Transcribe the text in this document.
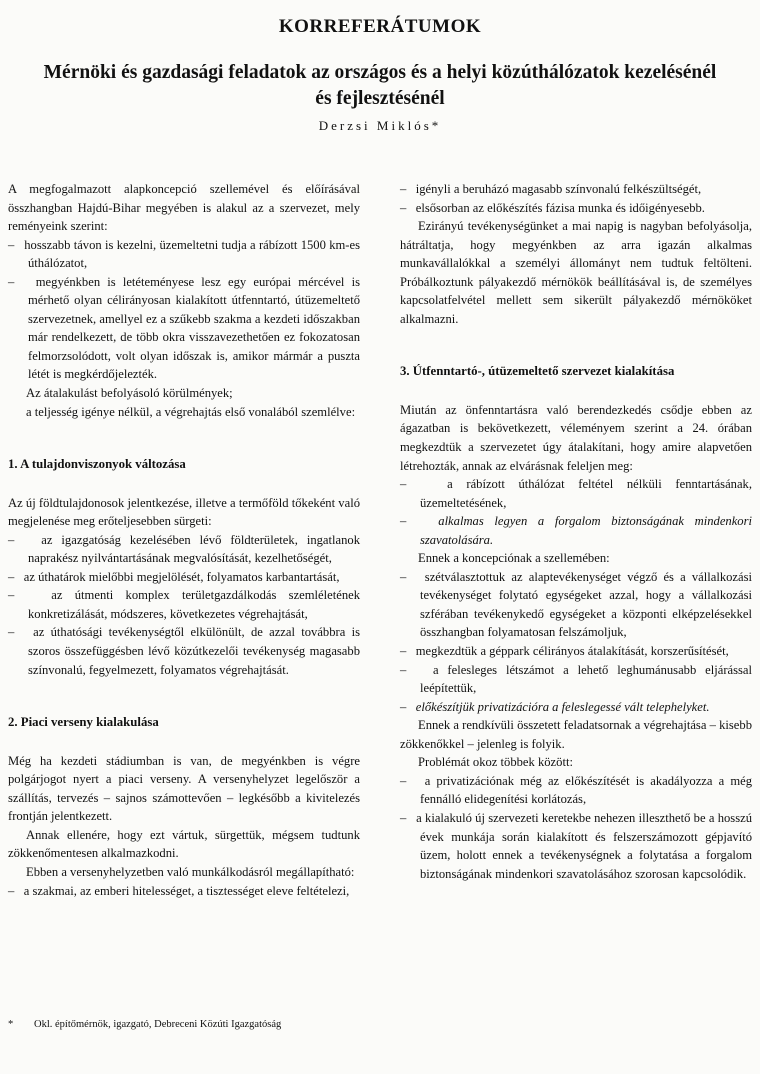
KORREFERÁTUMOK
Mérnöki és gazdasági feladatok az országos és a helyi közúthálózatok kezelésénél és fejlesztésénél
Derzsi Miklós*

A megfogalmazott alapkoncepció szellemével és előírásával összhangban Hajdú-Bihar megyében is alakul az a szervezet, mely reményeink szerint:

–   hosszabb távon is kezelni, üzemeltetni tudja a rábízott 1500 km-es úthálózatot,

–   megyénkben is letéteményese lesz egy európai mércével is mérhető olyan célirányosan kialakított útfenntartó, útüzemeltető szervezetnek, amellyel ez a szűkebb szakma a kezdeti időszakban már rendelkezett, de több okra visszavezethetően ez fokozatosan felmorzsolódott, volt olyan időszak is, amikor mármár a puszta létét is megkérdőjelezték.

Az átalakulást befolyásoló körülmények;

a teljesség igénye nélkül, a végrehajtás első vonalából szemlélve:

1. A tulajdonviszonyok változása

Az új földtulajdonosok jelentkezése, illetve a termőföld tőkeként való megjelenése meg erőteljesebben sürgeti:

–   az igazgatóság kezelésében lévő földterületek, ingatlanok naprakész nyilvántartásának megvalósítását, kezelhetőségét,

–   az úthatárok mielőbbi megjelölését, folyamatos karbantartását,

–   az útmenti komplex területgazdálkodás szemléletének konkretizálását, módszeres, következetes végrehajtását,

–   az úthatósági tevékenységtől elkülönült, de azzal továbbra is szoros összefüggésben lévő közútkezelői tevékenység magasabb színvonalú, fegyelmezett, folyamatos végrehajtását.

2. Piaci verseny kialakulása

Még ha kezdeti stádiumban is van, de megyénkben is végre polgárjogot nyert a piaci verseny. A versenyhelyzet legelőször a szállítás, tervezés – sajnos számottevően – legkésőbb a kivitelezés frontján jelentkezett.

Annak ellenére, hogy ezt vártuk, sürgettük, mégsem tudtunk zökkenőmentesen alkalmazkodni.

Ebben a versenyhelyzetben való munkálkodásról megállapítható:

–   a szakmai, az emberi hitelességet, a tisztességet eleve feltételezi,

–   igényli a beruházó magasabb színvonalú felkészültségét,

–   elsősorban az előkészítés fázisa munka és időigényesebb.

Ezirányú tevékenységünket a mai napig is nagyban befolyásolja, hátráltatja, hogy megyénkben az arra igazán alkalmas munkavállalókkal a személyi állományt nem tudtuk feltölteni. Próbálkoztunk pályakezdő mérnökök beállításával is, de személyes kapcsolatfelvétel mellett sem sikerült pályakezdő mérnököket alkalmazni.

3. Útfenntartó-, útüzemeltető szervezet kialakítása

Miután az önfenntartásra való berendezkedés csődje ebben az ágazatban is bekövetkezett, véleményem szerint a 24. órában megkezdtük a szervezetet úgy átalakítani, hogy amire alapvetően létrehozták, annak az elvárásnak feleljen meg:

–   a rábízott úthálózat feltétel nélküli fenntartásának, üzemeltetésének,

–   alkalmas legyen a forgalom biztonságának mindenkori szavatolására.

Ennek a koncepciónak a szellemében:

–   szétválasztottuk az alaptevékenységet végző és a vállalkozási tevékenységet folytató egységeket azzal, hogy a vállalkozási szférában tevékenykedő egységeket a központi elképzelésekkel összhangban folyamatosan felszámoljuk,

–   megkezdtük a géppark célirányos átalakítását, korszerűsítését,

–   a felesleges létszámot a lehető leghumánusabb eljárással leépítettük,

–   előkészítjük privatizációra a feleslegessé vált telephelyket.

Ennek a rendkívüli összetett feladatsornak a végrehajtása – kisebb zökkenőkkel – jelenleg is folyik.

Problémát okoz többek között:

–   a privatizációnak még az előkészítését is akadályozza a még fennálló elidegenítési korlátozás,

–   a kialakuló új szervezeti keretekbe nehezen illeszthető be a hosszú évek munkája során kialakított és felszerszámozott gépjavító üzem, holott ennek a tevékenységnek a folytatása a forgalom biztonságának mindenkori szavatolásához szorosan kapcsolódik.

* Okl. építőmérnök, igazgató, Debreceni Közúti Igazgatóság
